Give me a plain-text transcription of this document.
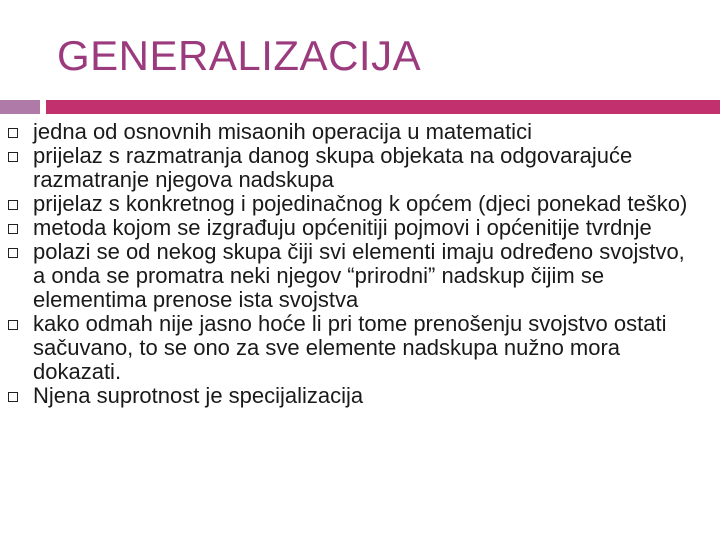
GENERALIZACIJA
jedna od osnovnih misaonih operacija u matematici
prijelaz s razmatranja danog skupa objekata na odgovarajuće razmatranje njegova nadskupa
prijelaz s konkretnog i pojedinačnog k općem (djeci ponekad teško)
metoda kojom se izgrađuju općenitiji pojmovi i općenitije tvrdnje
polazi se od nekog skupa čiji svi elementi imaju određeno svojstvo, a onda se promatra neki njegov “prirodni” nadskup čijim se elementima prenose ista svojstva
kako odmah nije jasno hoće li pri tome prenošenju svojstvo ostati sačuvano, to se ono za sve elemente nadskupa nužno mora dokazati.
Njena suprotnost je specijalizacija
